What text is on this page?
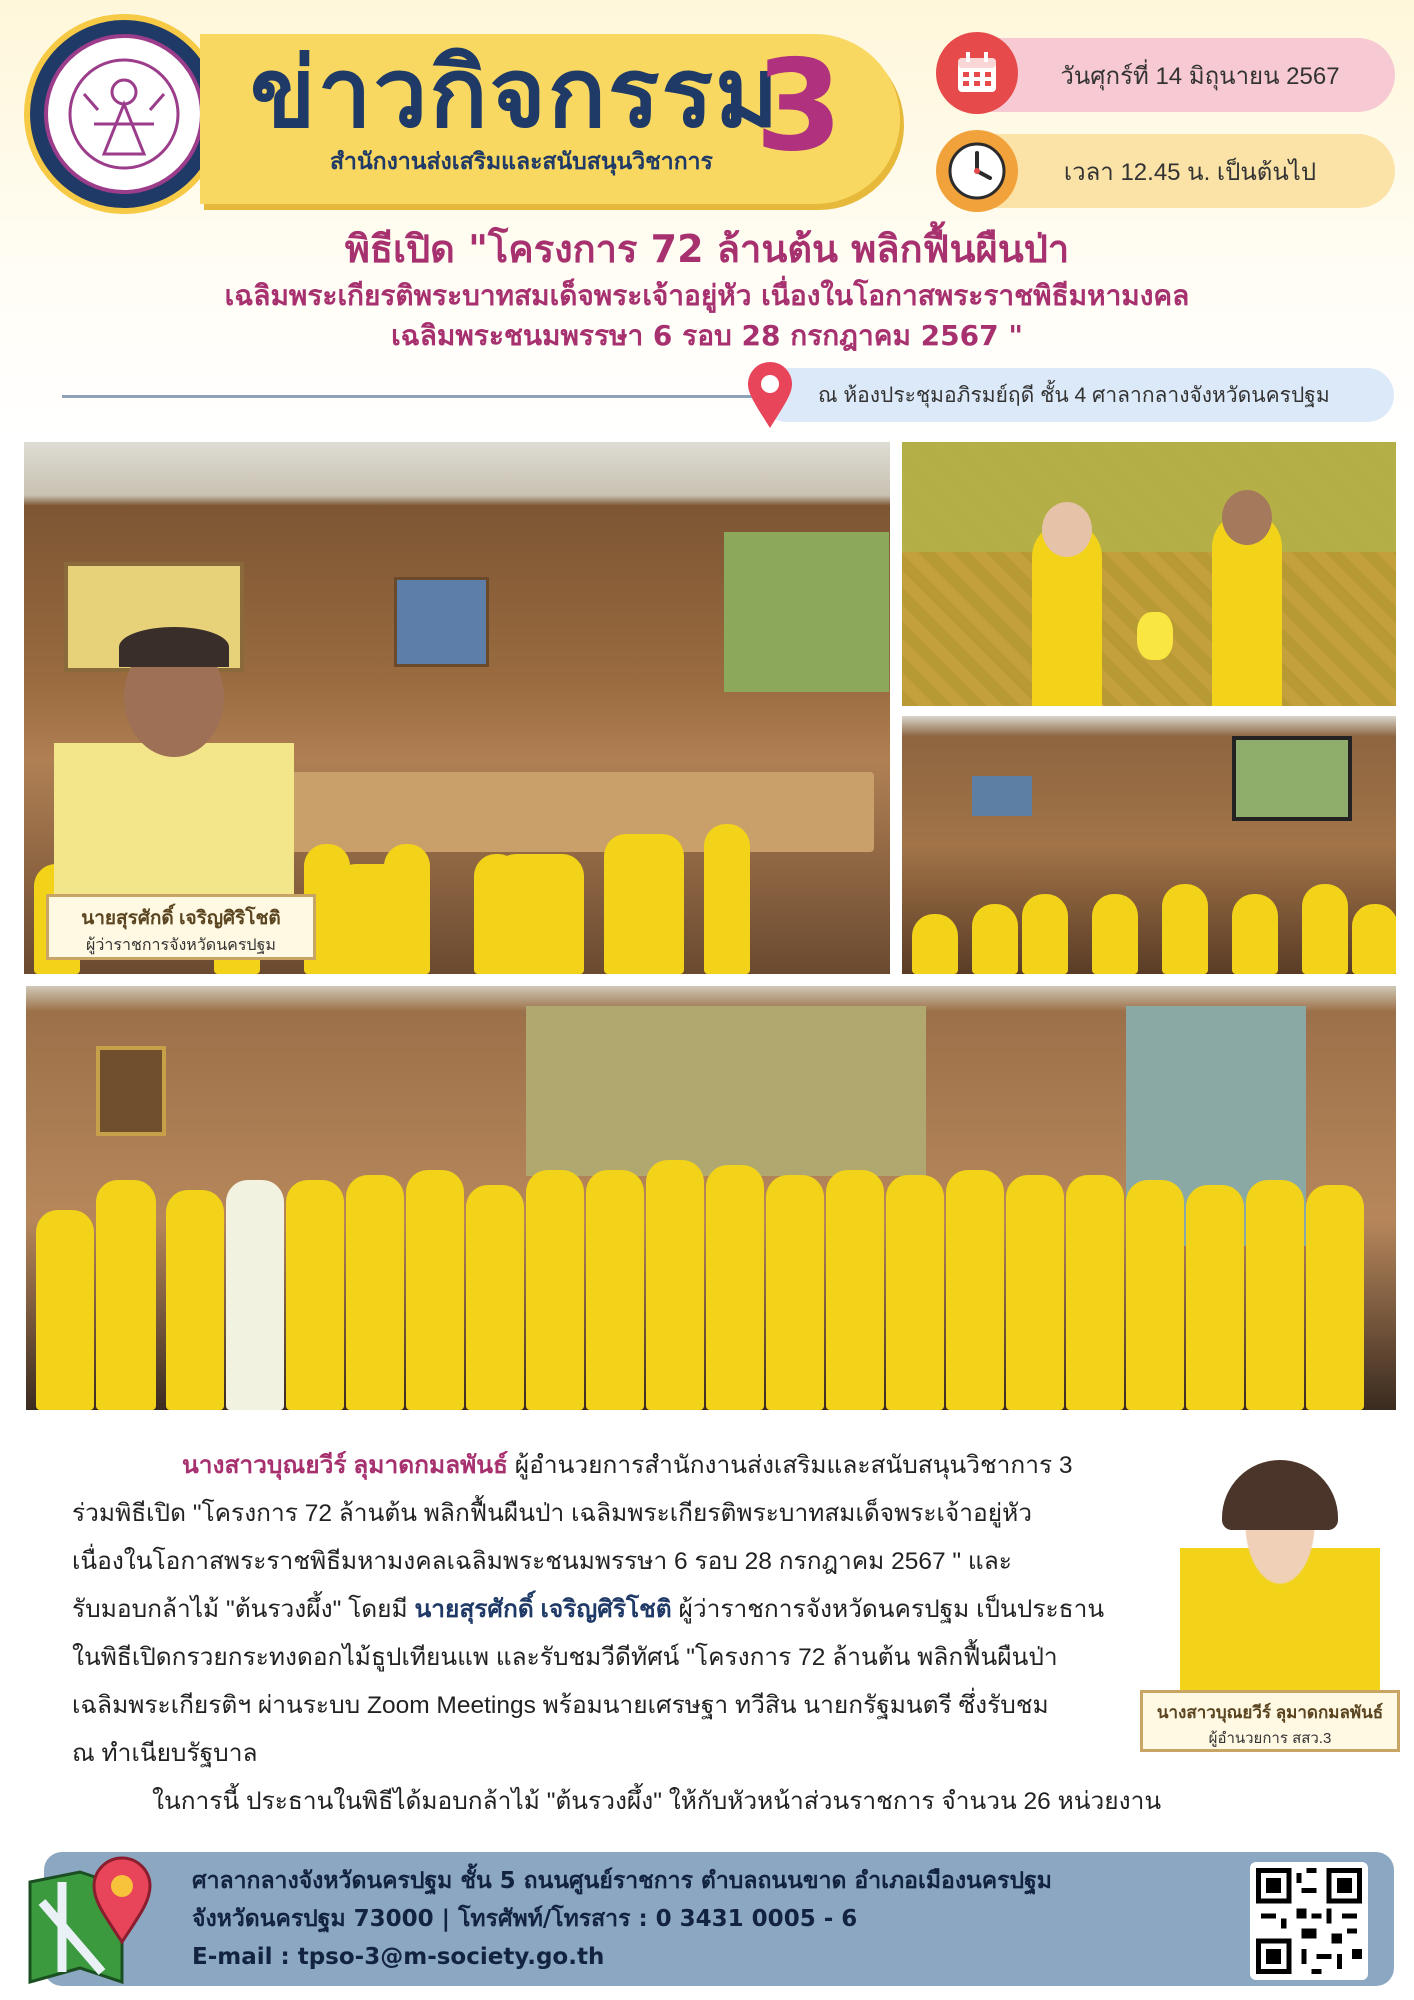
ข่าวกิจกรรม
3
สำนักงานส่งเสริมและสนับสนุนวิชาการ
วันศุกร์ที่ 14 มิถุนายน 2567
เวลา 12.45 น. เป็นต้นไป
พิธีเปิด "โครงการ 72 ล้านต้น พลิกฟื้นผืนป่า
เฉลิมพระเกียรติพระบาทสมเด็จพระเจ้าอยู่หัว เนื่องในโอกาสพระราชพิธีมหามงคล
เฉลิมพระชนมพรรษา 6 รอบ 28 กรกฎาคม 2567 "
ณ ห้องประชุมอภิรมย์ฤดี ชั้น 4 ศาลากลางจังหวัดนครปฐม
นายสุรศักดิ์ เจริญศิริโชติ
ผู้ว่าราชการจังหวัดนครปฐม

นางสาวบุณยวีร์ ลุมาดกมลพันธ์ ผู้อำนวยการสำนักงานส่งเสริมและสนับสนุนวิชาการ 3

ร่วมพิธีเปิด "โครงการ 72 ล้านต้น พลิกฟื้นผืนป่า เฉลิมพระเกียรติพระบาทสมเด็จพระเจ้าอยู่หัว

เนื่องในโอกาสพระราชพิธีมหามงคลเฉลิมพระชนมพรรษา 6 รอบ 28 กรกฎาคม 2567 " และ

รับมอบกล้าไม้ "ต้นรวงผึ้ง" โดยมี นายสุรศักดิ์ เจริญศิริโชติ ผู้ว่าราชการจังหวัดนครปฐม เป็นประธาน

ในพิธีเปิดกรวยกระทงดอกไม้ธูปเทียนแพ และรับชมวีดีทัศน์ "โครงการ 72 ล้านต้น พลิกฟื้นผืนป่า

เฉลิมพระเกียรติฯ ผ่านระบบ Zoom Meetings พร้อมนายเศรษฐา ทวีสิน นายกรัฐมนตรี ซึ่งรับชม

ณ ทำเนียบรัฐบาล

ในการนี้ ประธานในพิธีได้มอบกล้าไม้ "ต้นรวงผึ้ง" ให้กับหัวหน้าส่วนราชการ จำนวน 26 หน่วยงาน

นางสาวบุณยวีร์ ลุมาดกมลพันธ์
ผู้อำนวยการ สสว.3
ศาลากลางจังหวัดนครปฐม ชั้น 5 ถนนศูนย์ราชการ ตำบลถนนขาด อำเภอเมืองนครปฐม
จังหวัดนครปฐม 73000 | โทรศัพท์/โทรสาร : 0 3431 0005 - 6
E-mail : tpso-3@m-society.go.th
